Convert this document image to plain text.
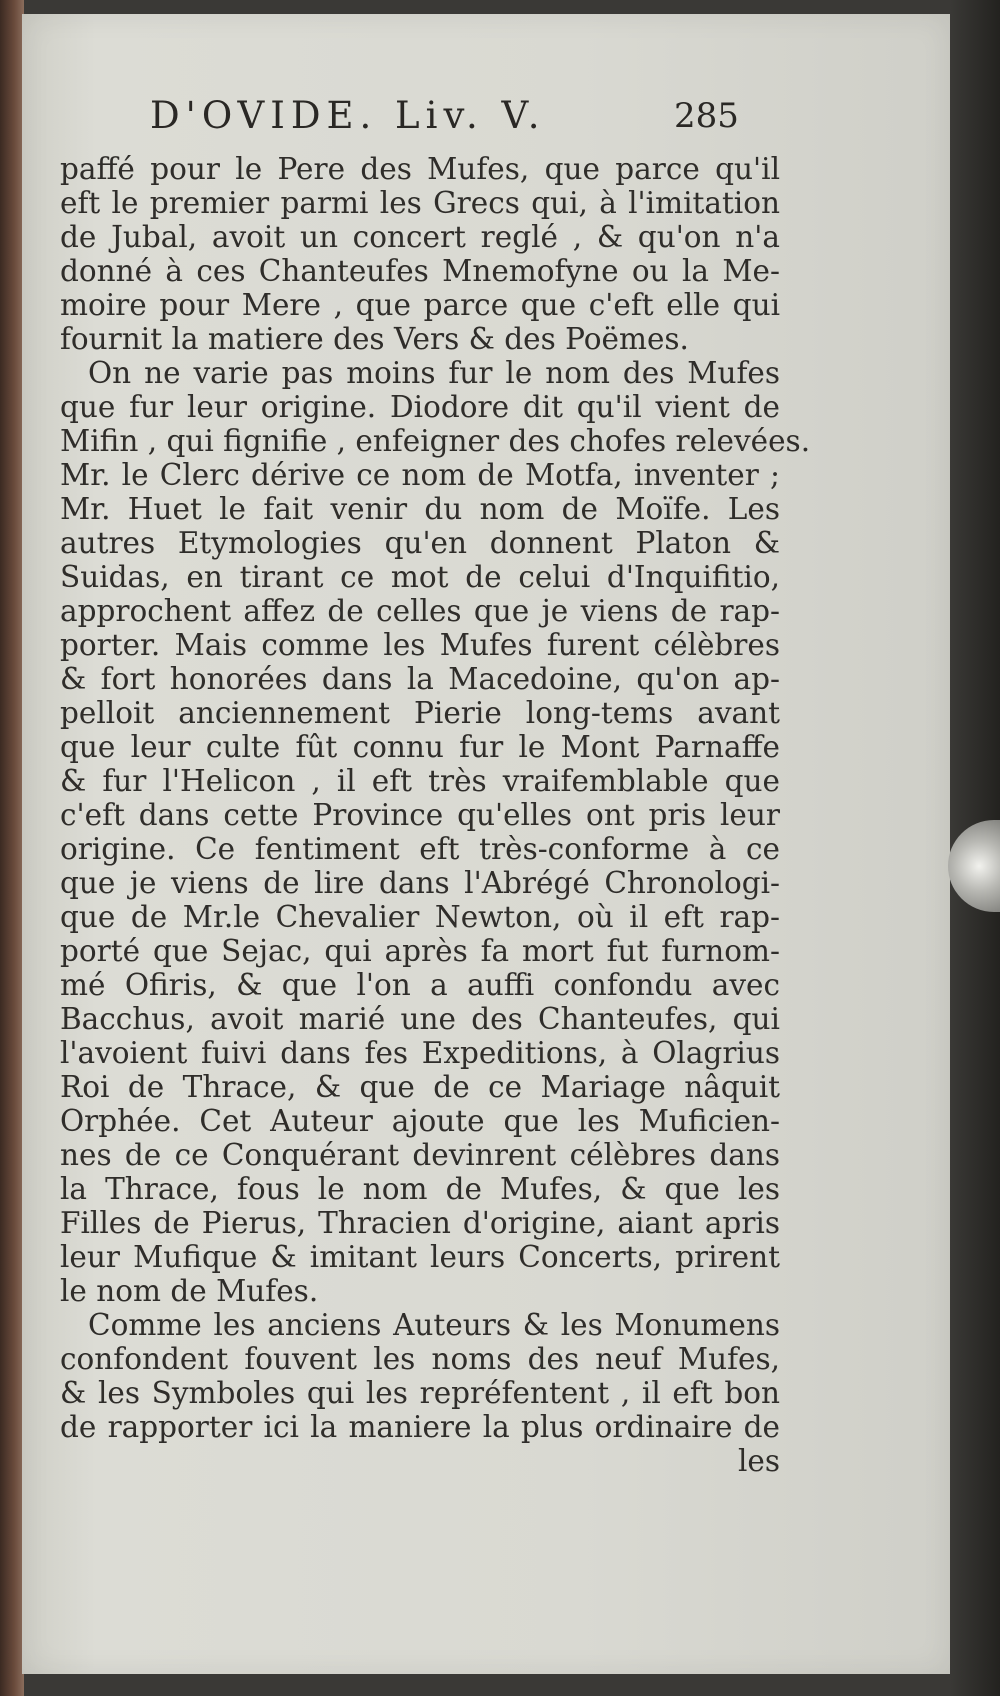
D'OVIDE. Liv. V.	285
paffé pour le Pere des Mufes, que parce qu'il
eft le premier parmi les Grecs qui, à l'imitation
de Jubal, avoit un concert reglé , & qu'on n'a
donné à ces Chanteufes Mnemofyne ou la Me-
moire pour Mere , que parce que c'eft elle qui
fournit la matiere des Vers & des Poëmes.
On ne varie pas moins fur le nom des Mufes
que fur leur origine. Diodore dit qu'il vient de
Mifin , qui fignifie , enfeigner des chofes relevées.
Mr. le Clerc dérive ce nom de Motfa, inventer ;
Mr. Huet le fait venir du nom de Moïfe. Les
autres Etymologies qu'en donnent Platon &
Suidas, en tirant ce mot de celui d'Inquifitio,
approchent affez de celles que je viens de rap-
porter. Mais comme les Mufes furent célèbres
& fort honorées dans la Macedoine, qu'on ap-
pelloit anciennement Pierie long-tems avant
que leur culte fût connu fur le Mont Parnaffe
& fur l'Helicon , il eft très vraifemblable que
c'eft dans cette Province qu'elles ont pris leur
origine. Ce fentiment eft très-conforme à ce
que je viens de lire dans l'Abrégé Chronologi-
que de Mr.le Chevalier Newton, où il eft rap-
porté que Sejac, qui après fa mort fut furnom-
mé Ofiris, & que l'on a auffi confondu avec
Bacchus, avoit marié une des Chanteufes, qui
l'avoient fuivi dans fes Expeditions, à Olagrius
Roi de Thrace, & que de ce Mariage nâquit
Orphée. Cet Auteur ajoute que les Muficien-
nes de ce Conquérant devinrent célèbres dans
la Thrace, fous le nom de Mufes, & que les
Filles de Pierus, Thracien d'origine, aiant apris
leur Mufique & imitant leurs Concerts, prirent
le nom de Mufes.
Comme les anciens Auteurs & les Monumens
confondent fouvent les noms des neuf Mufes,
& les Symboles qui les repréfentent , il eft bon
de rapporter ici la maniere la plus ordinaire de
les
